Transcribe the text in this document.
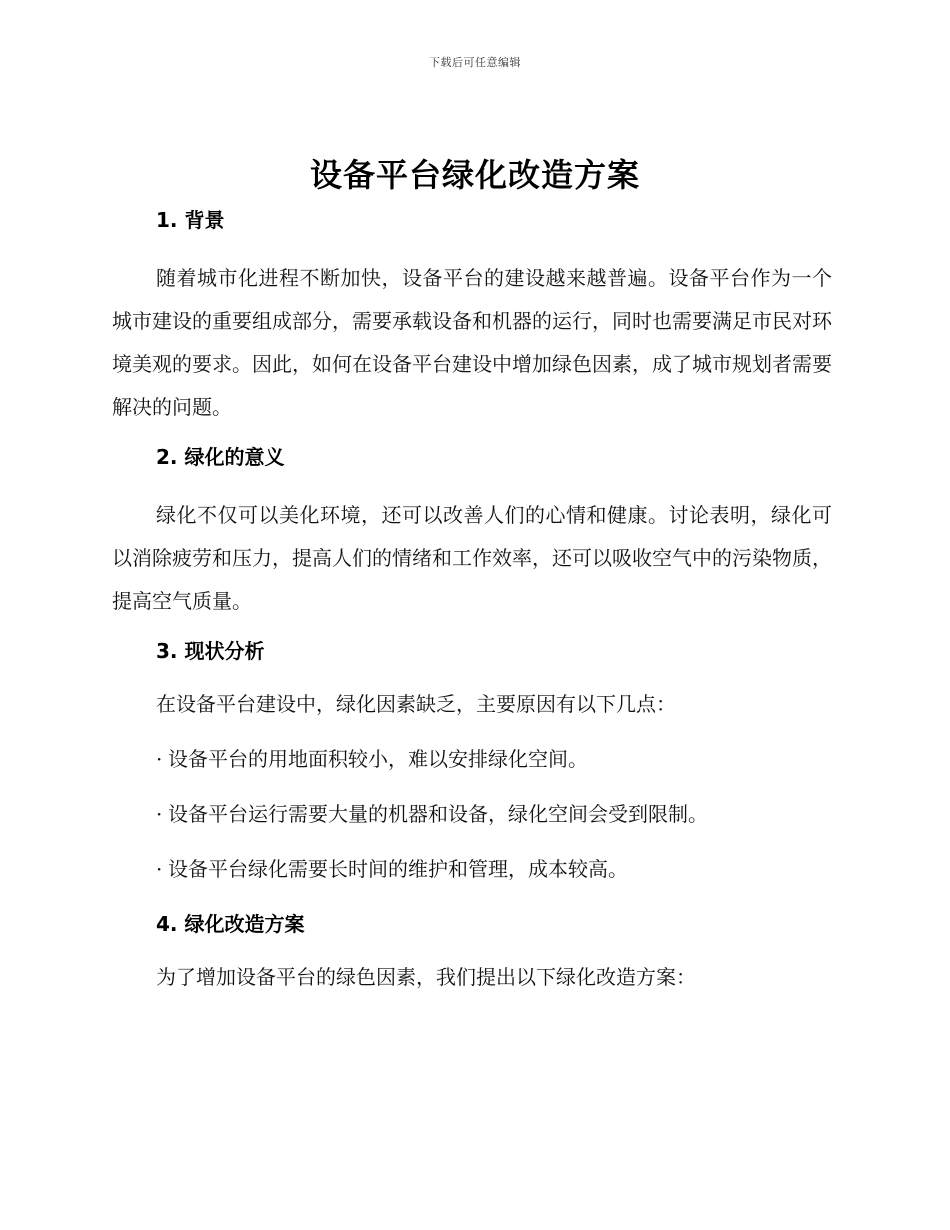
下载后可任意编辑
设备平台绿化改造方案
1. 背景

随着城市化进程不断加快，设备平台的建设越来越普遍。设备平台作为一个城市建设的重要组成部分，需要承载设备和机器的运行，同时也需要满足市民对环境美观的要求。因此，如何在设备平台建设中增加绿色因素，成了城市规划者需要解决的问题。

2. 绿化的意义

绿化不仅可以美化环境，还可以改善人们的心情和健康。讨论表明，绿化可以消除疲劳和压力，提高人们的情绪和工作效率，还可以吸收空气中的污染物质，提高空气质量。

3. 现状分析
在设备平台建设中，绿化因素缺乏，主要原因有以下几点：
· 设备平台的用地面积较小，难以安排绿化空间。
· 设备平台运行需要大量的机器和设备，绿化空间会受到限制。
· 设备平台绿化需要长时间的维护和管理，成本较高。
4. 绿化改造方案
为了增加设备平台的绿色因素，我们提出以下绿化改造方案：
